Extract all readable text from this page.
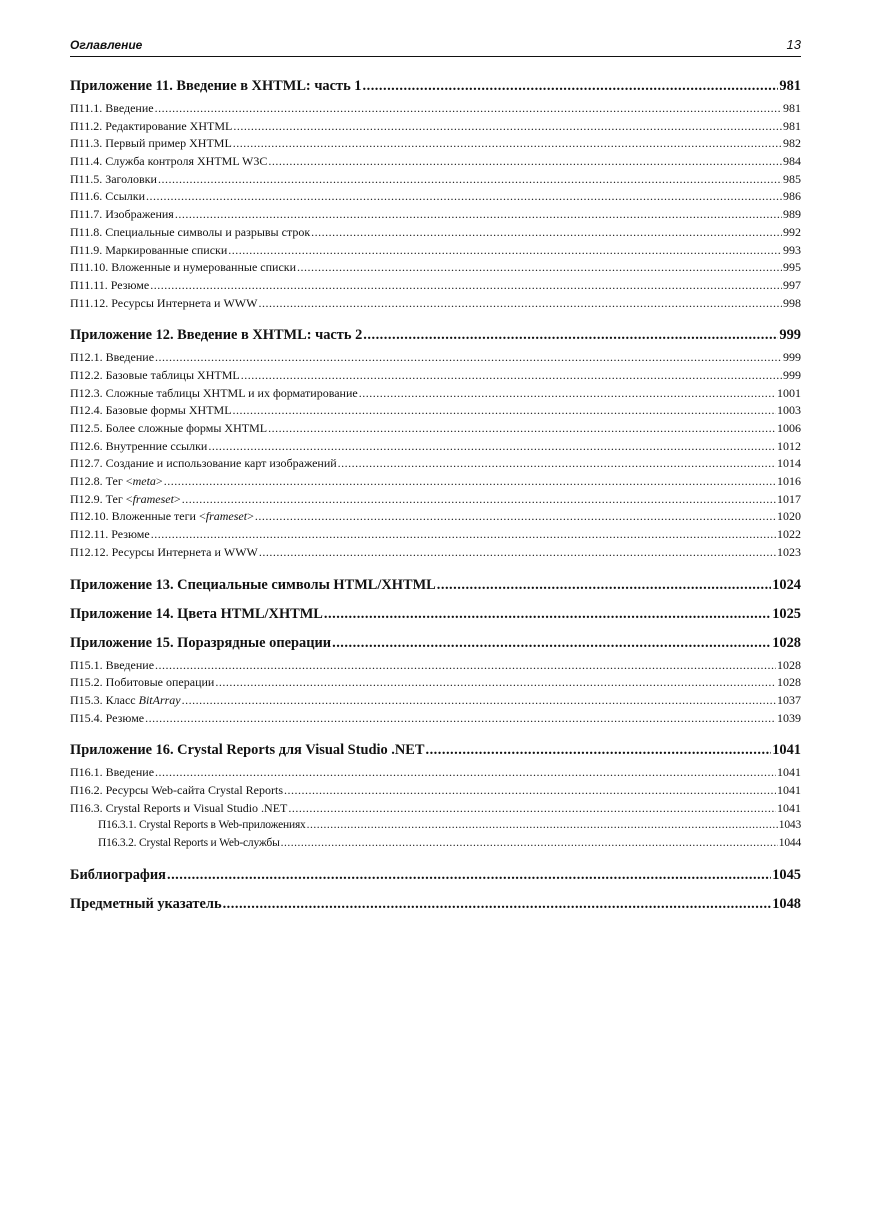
Оглавление	13
Приложение 11. Введение в XHTML: часть 1 .....	981
П11.1. Введение .....	981
П11.2. Редактирование XHTML .....	981
П11.3. Первый пример XHTML .....	982
П11.4. Служба контроля XHTML W3C .....	984
П11.5. Заголовки .....	985
П11.6. Ссылки .....	986
П11.7. Изображения .....	989
П11.8. Специальные символы и разрывы строк .....	992
П11.9. Маркированные списки .....	993
П11.10. Вложенные и нумерованные списки .....	995
П11.11. Резюме .....	997
П11.12. Ресурсы Интернета и WWW .....	998
Приложение 12. Введение в XHTML: часть 2 .....	999
П12.1. Введение .....	999
П12.2. Базовые таблицы XHTML .....	999
П12.3. Сложные таблицы XHTML и их форматирование .....	1001
П12.4. Базовые формы XHTML .....	1003
П12.5. Более сложные формы XHTML .....	1006
П12.6. Внутренние ссылки .....	1012
П12.7. Создание и использование карт изображений .....	1014
П12.8. Тег <meta> .....	1016
П12.9. Тег <frameset> .....	1017
П12.10. Вложенные теги <frameset> .....	1020
П12.11. Резюме .....	1022
П12.12. Ресурсы Интернета и WWW .....	1023
Приложение 13. Специальные символы HTML/XHTML .....	1024
Приложение 14. Цвета HTML/XHTML .....	1025
Приложение 15. Поразрядные операции .....	1028
П15.1. Введение .....	1028
П15.2. Побитовые операции .....	1028
П15.3. Класс BitArray .....	1037
П15.4. Резюме .....	1039
Приложение 16. Crystal Reports для Visual Studio .NET .....	1041
П16.1. Введение .....	1041
П16.2. Ресурсы Web-сайта Crystal Reports .....	1041
П16.3. Crystal Reports и Visual Studio .NET .....	1041
П16.3.1. Crystal Reports в Web-приложениях .....	1043
П16.3.2. Crystal Reports и Web-службы .....	1044
Библиография .....	1045
Предметный указатель .....	1048
